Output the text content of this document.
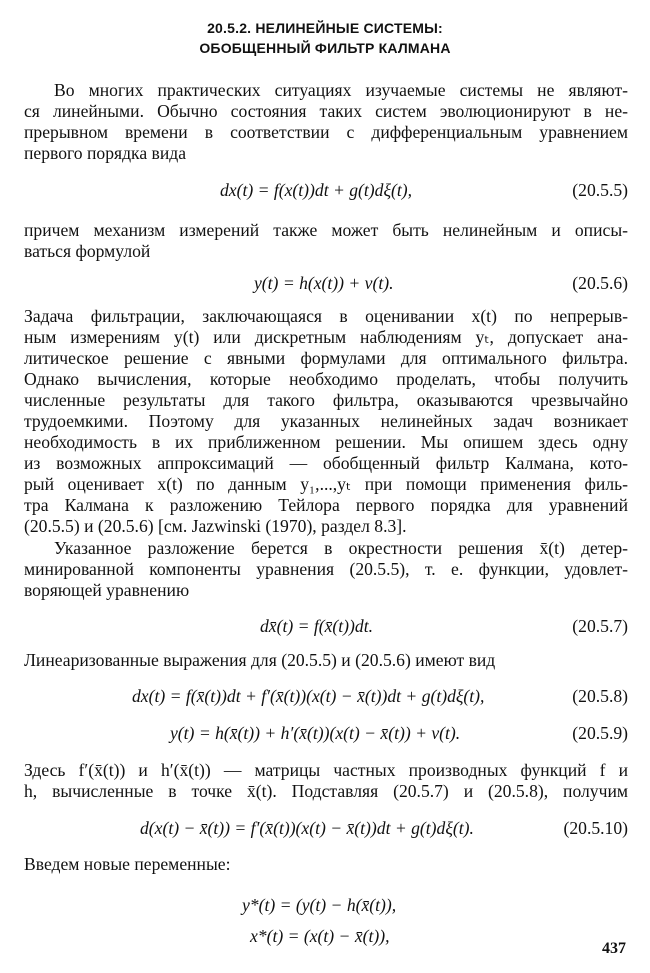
20.5.2. НЕЛИНЕЙНЫЕ СИСТЕМЫ:
ОБОБЩЕННЫЙ ФИЛЬТР КАЛМАНА
Во многих практических ситуациях изучаемые системы не являют-
ся линейными. Обычно состояния таких систем эволюционируют в не-
прерывном времени в соответствии с дифференциальным уравнением
первого порядка вида
dx(t) = f(x(t))dt + g(t)dξ(t),	(20.5.5)
причем механизм измерений также может быть нелинейным и описы-
ваться формулой
y(t) = h(x(t)) + v(t).	(20.5.6)
Задача фильтрации, заключающаяся в оценивании x(t) по непрерыв-
ным измерениям y(t) или дискретным наблюдениям yₜ, допускает ана-
литическое решение с явными формулами для оптимального фильтра.
Однако вычисления, которые необходимо проделать, чтобы получить
численные результаты для такого фильтра, оказываются чрезвычайно
трудоемкими. Поэтому для указанных нелинейных задач возникает
необходимость в их приближенном решении. Мы опишем здесь одну
из возможных аппроксимаций — обобщенный фильтр Калмана, кото-
рый оценивает x(t) по данным y₁,...,yₜ при помощи применения филь-
тра Калмана к разложению Тейлора первого порядка для уравнений
(20.5.5) и (20.5.6) [см. Jazwinski (1970), раздел 8.3].
Указанное разложение берется в окрестности решения x̄(t) детер-
минированной компоненты уравнения (20.5.5), т. е. функции, удовлет-
воряющей уравнению
dx̄(t) = f(x̄(t))dt.	(20.5.7)
Линеаризованные выражения для (20.5.5) и (20.5.6) имеют вид
dx(t) = f(x̄(t))dt + f′(x̄(t))(x(t) − x̄(t))dt + g(t)dξ(t),	(20.5.8)
y(t) = h(x̄(t)) + h′(x̄(t))(x(t) − x̄(t)) + v(t).	(20.5.9)
Здесь f′(x̄(t)) и h′(x̄(t)) — матрицы частных производных функций f и
h, вычисленные в точке x̄(t). Подставляя (20.5.7) и (20.5.8), получим
d(x(t) − x̄(t)) = f′(x̄(t))(x(t) − x̄(t))dt + g(t)dξ(t).	(20.5.10)
Введем новые переменные:
y*(t) = (y(t) − h(x̄(t)),
x*(t) = (x(t) − x̄(t)),
437
